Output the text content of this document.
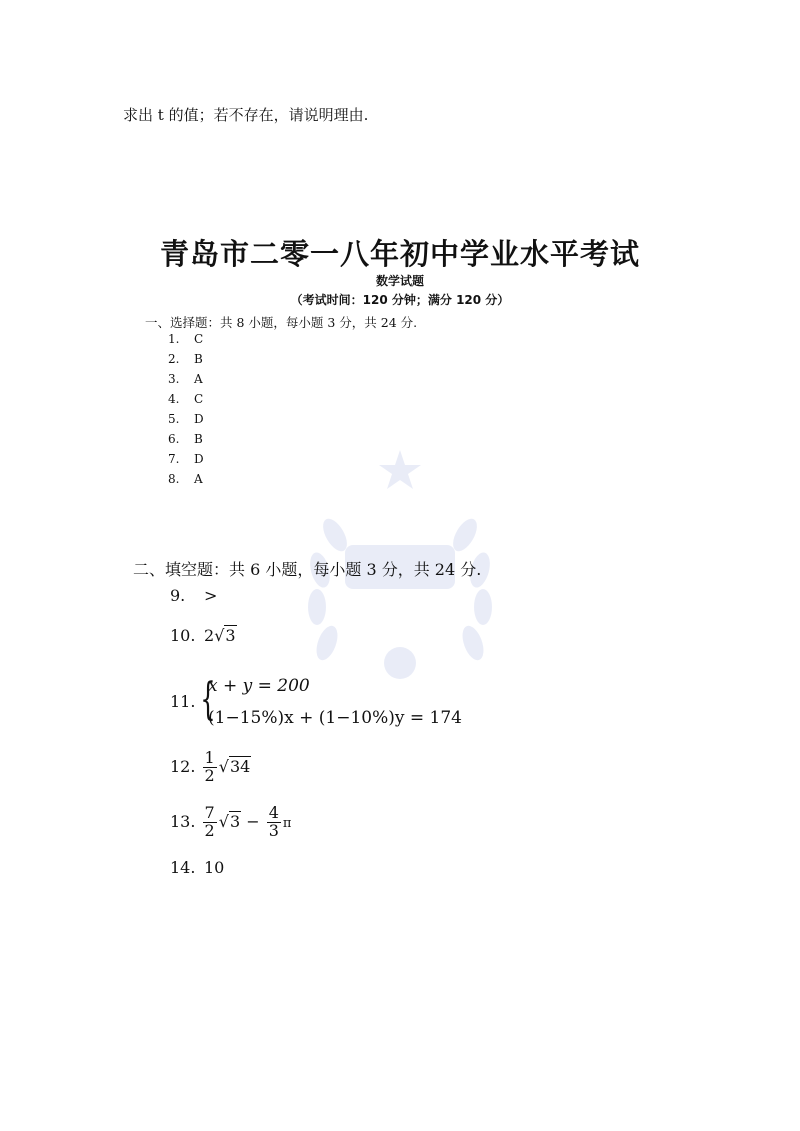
求出 t 的值；若不存在，请说明理由.
青岛市二零一八年初中学业水平考试
数学试题
（考试时间：120 分钟；满分 120 分）
一、选择题：共 8 小题，每小题 3 分，共 24 分.
1. C
2. B
3. A
4. C
5. D
6. B
7. D
8. A
二、填空题：共 6 小题，每小题 3 分，共 24 分.
9. >
10. 2√3
11. {
x + y = 200
(1−15%)x + (1−10%)y = 174
12. $\frac{1}{2} √34$
13. $\frac{7}{2} √3 - \frac{4}{3}$ π
14. 10
